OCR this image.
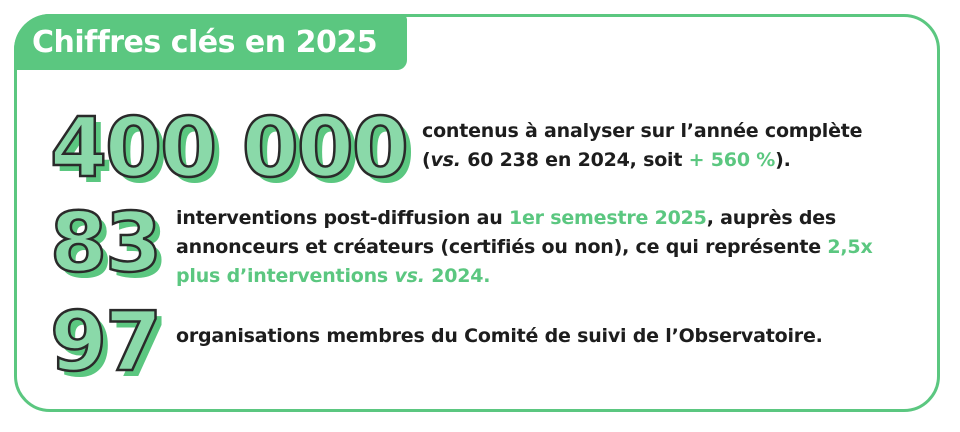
Chiffres clés en 2025
400 000 contenus à analyser sur l’année complète
(vs. 60 238 en 2024, soit + 560 %).
83 interventions post-diffusion au 1er semestre 2025, auprès des annonceurs et créateurs (certifiés ou non), ce qui représente 2,5x plus d’interventions vs. 2024.
97 organisations membres du Comité de suivi de l’Observatoire.
